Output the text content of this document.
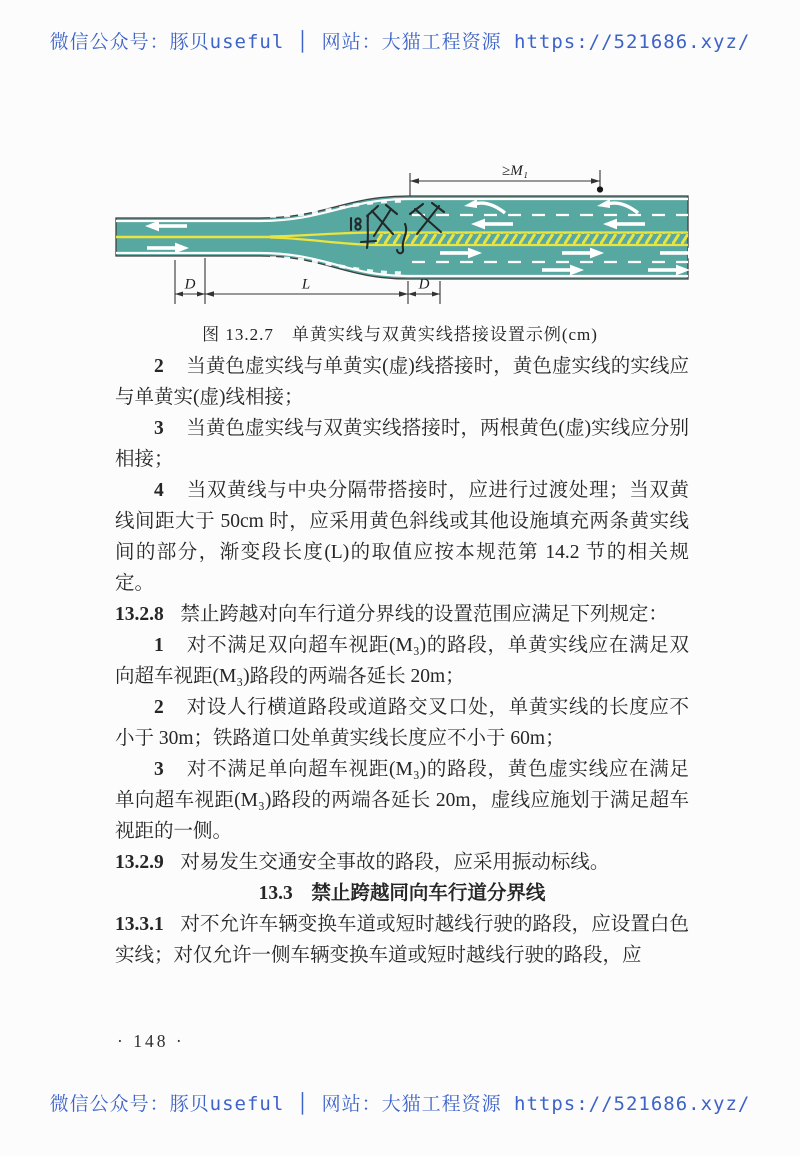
微信公众号：豚贝useful │ 网站：大猫工程资源 https://521686.xyz/
≥M₁
D	L	D
图 13.2.7　单黄实线与双黄实线搭接设置示例(cm)

2 当黄色虚实线与单黄实(虚)线搭接时，黄色虚实线的实线应与单黄实(虚)线相接；

3 当黄色虚实线与双黄实线搭接时，两根黄色(虚)实线应分别相接；

4 当双黄线与中央分隔带搭接时，应进行过渡处理；当双黄线间距大于 50cm 时，应采用黄色斜线或其他设施填充两条黄实线间的部分，渐变段长度(L)的取值应按本规范第 14.2 节的相关规定。

13.2.8 禁止跨越对向车行道分界线的设置范围应满足下列规定：

1 对不满足双向超车视距(M₃)的路段，单黄实线应在满足双向超车视距(M₃)路段的两端各延长 20m；

2 对设人行横道路段或道路交叉口处，单黄实线的长度应不小于 30m；铁路道口处单黄实线长度应不小于 60m；

3 对不满足单向超车视距(M₃)的路段，黄色虚实线应在满足单向超车视距(M₃)路段的两端各延长 20m，虚线应施划于满足超车视距的一侧。

13.2.9 对易发生交通安全事故的路段，应采用振动标线。

13.3 禁止跨越同向车行道分界线

13.3.1 对不允许车辆变换车道或短时越线行驶的路段，应设置白色实线；对仅允许一侧车辆变换车道或短时越线行驶的路段，应

· 148 ·
微信公众号：豚贝useful │ 网站：大猫工程资源 https://521686.xyz/
